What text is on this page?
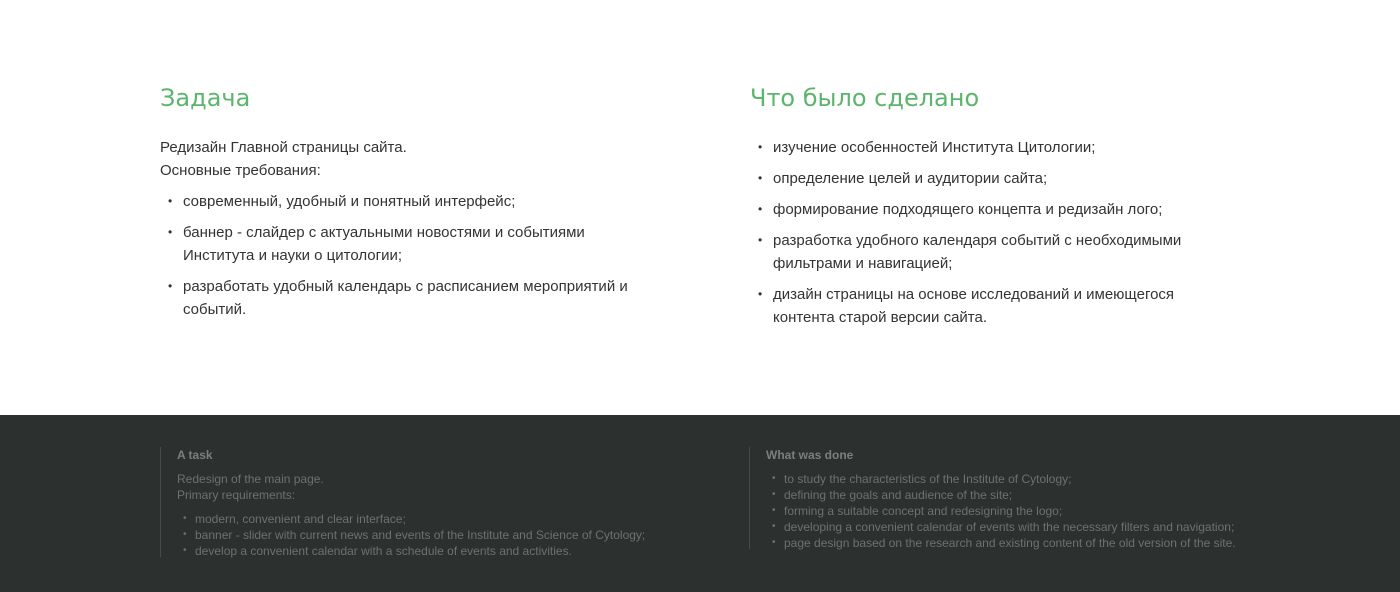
Задача
Редизайн Главной страницы сайта.
Основные требования:
• современный, удобный и понятный интерфейс;
• баннер - слайдер с актуальными новостями и событиями Института и науки о цитологии;
• разработать удобный календарь с расписанием мероприятий и событий.
Что было сделано
• изучение особенностей Института Цитологии;
• определение целей и аудитории сайта;
• формирование подходящего концепта и редизайн лого;
• разработка удобного календаря событий с необходимыми фильтрами и навигацией;
• дизайн страницы на основе исследований и имеющегося контента старой версии сайта.
A task
Redesign of the main page.
Primary requirements:
• modern, convenient and clear interface;
• banner - slider with current news and events of the Institute and Science of Cytology;
• develop a convenient calendar with a schedule of events and activities.
What was done
• to study the characteristics of the Institute of Cytology;
• defining the goals and audience of the site;
• forming a suitable concept and redesigning the logo;
• developing a convenient calendar of events with the necessary filters and navigation;
• page design based on the research and existing content of the old version of the site.
